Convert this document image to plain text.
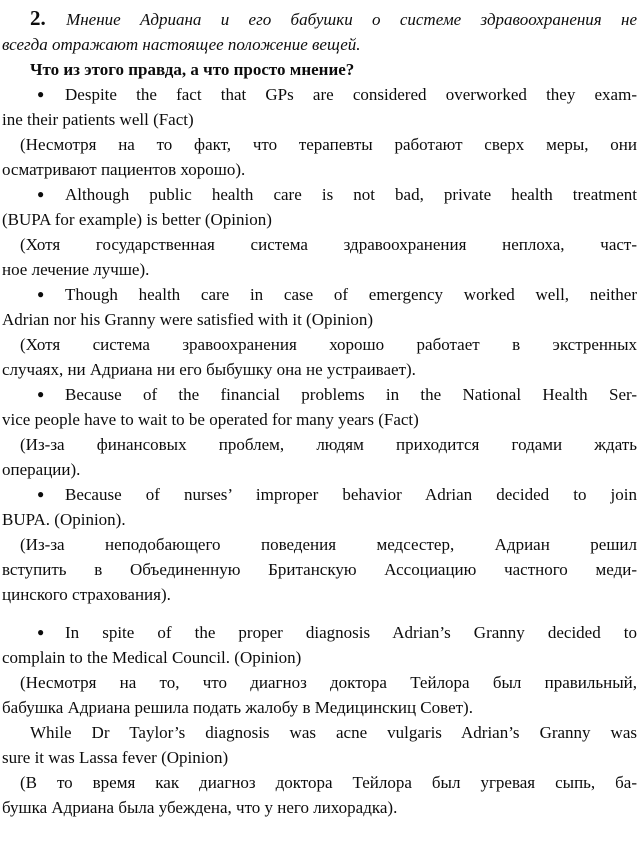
2. Мнение Адриана и его бабушки о системе здравоохранения не
всегда отражают настоящее положение вещей.
Что из этого правда, а что просто мнение?
●	Despite the fact that GPs are considered overworked they exam-
ine their patients well (Fact)
(Несмотря на то факт, что терапевты работают сверх меры, они
осматривают пациентов хорошо).
●	Although public health care is not bad, private health treatment
(BUPA for example) is better (Opinion)
(Хотя государственная система здравоохранения неплоха, част-
ное лечение лучше).
●	Though health care in case of emergency worked well, neither
Adrian nor his Granny were satisfied with it (Opinion)
(Хотя система зравоохранения хорошо работает в экстренных
случаях, ни Адриана ни его быбушку она не устраивает).
●	Because of the financial problems in the National Health Ser-
vice people have to wait to be operated for many years (Fact)
(Из-за финансовых проблем, людям приходится годами ждать
операции).
●	Because of nurses’ improper behavior Adrian decided to join
BUPA. (Opinion).
(Из-за неподобающего поведения медсестер, Адриан решил
вступить в Объединенную Британскую Ассоциацию частного меди-
цинского страхования).
●	In spite of the proper diagnosis Adrian’s Granny decided to
complain to the Medical Council. (Opinion)
(Несмотря на то, что диагноз доктора Тейлора был правильный,
бабушка Адриана решила подать жалобу в Медицинскиц Совет).
While Dr Taylor’s diagnosis was acne vulgaris Adrian’s Granny was
sure it was Lassa fever (Opinion)
(В то время как диагноз доктора Тейлора был угревая сыпь, ба-
бушка Адриана была убеждена, что у него лихорадка).
